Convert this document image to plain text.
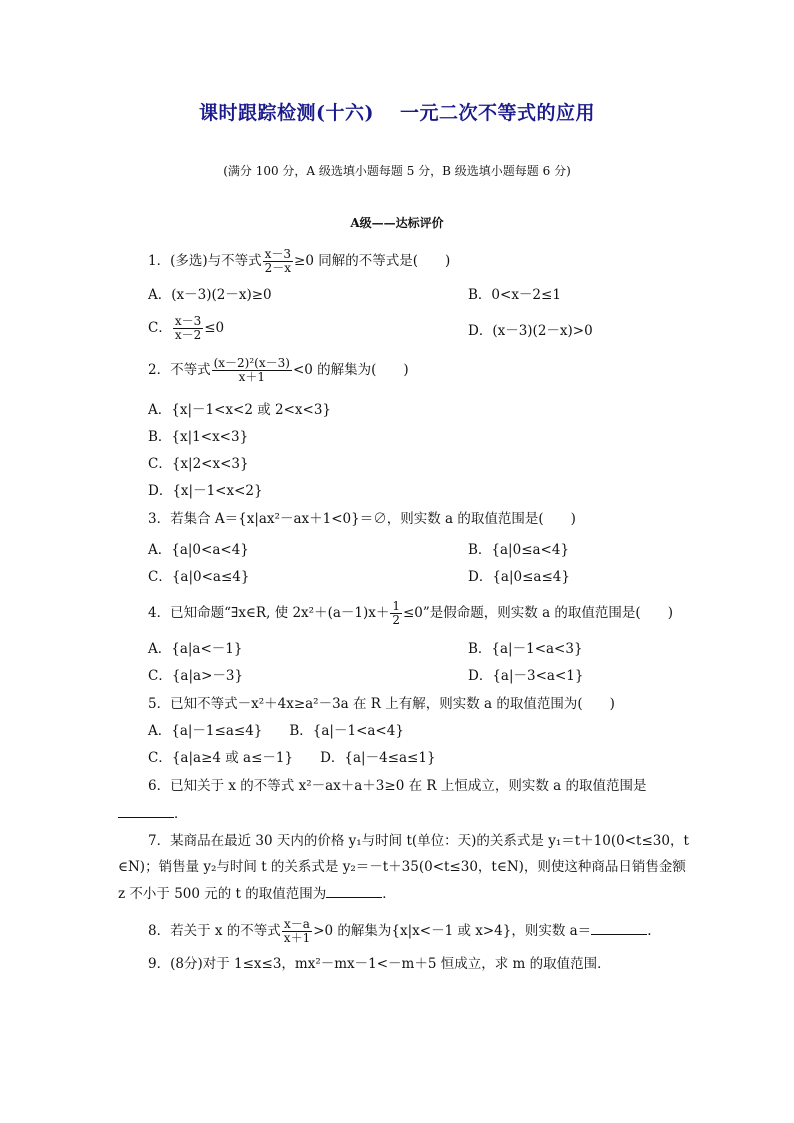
课时跟踪检测(十六) 一元二次不等式的应用
(满分 100 分，A 级选填小题每题 5 分，B 级选填小题每题 6 分)
A级——达标评价
1．(多选)与不等式 $\frac{x-3}{2-x} \ge 0$ 同解的不等式是(　　)
A．(x－3)(2－x)≥0	B．0<x－2≤1
C． $\frac{x-3}{x-2} \le 0$	D．(x－3)(2－x)>0
2．不等式 $\frac{\text{(x－2)²(x－3)}}{x+1} <0$ 的解集为(　　)
A．{x|－1<x<2 或 2<x<3}
B．{x|1<x<3}
C．{x|2<x<3}
D．{x|－1<x<2}
3．若集合 A＝{x|ax²－ax＋1<0}＝∅，则实数 a 的取值范围是(　　)
A．{a|0<a<4}	B．{a|0≤a<4}
C．{a|0<a≤4}	D．{a|0≤a≤4}
4．已知命题“∃x∈R, 使 $2x^2+(a-1)x+ \frac{1}{2} \le 0$”是假命题，则实数 a 的取值范围是(　　)
A．{a|a<－1}	B．{a|－1<a<3}
C．{a|a>－3}	D．{a|－3<a<1}
5．已知不等式－x²＋4x≥a²－3a 在 R 上有解，则实数 a 的取值范围为(　　)
A．{a|－1≤a≤4}　　B．{a|－1<a<4}
C．{a|a≥4 或 a≤－1}　　D．{a|－4≤a≤1}
6．已知关于 x 的不等式 x²－ax＋a＋3≥0 在 R 上恒成立，则实数 a 的取值范围是
．
7．某商品在最近 30 天内的价格 y₁与时间 t(单位：天)的关系式是 y₁＝t＋10(0<t≤30，t
∈N)；销售量 y₂与时间 t 的关系式是 y₂＝－t＋35(0<t≤30，t∈N)，则使这种商品日销售金额
z 不小于 500 元的 t 的取值范围为	．
8．若关于 x 的不等式 $\frac{x-a}{x+1} >0$ 的解集为{x|x<－1 或 x>4}，则实数 a＝	.
9．(8分)对于 1≤x≤3，mx²－mx－1<－m＋5 恒成立，求 m 的取值范围．
